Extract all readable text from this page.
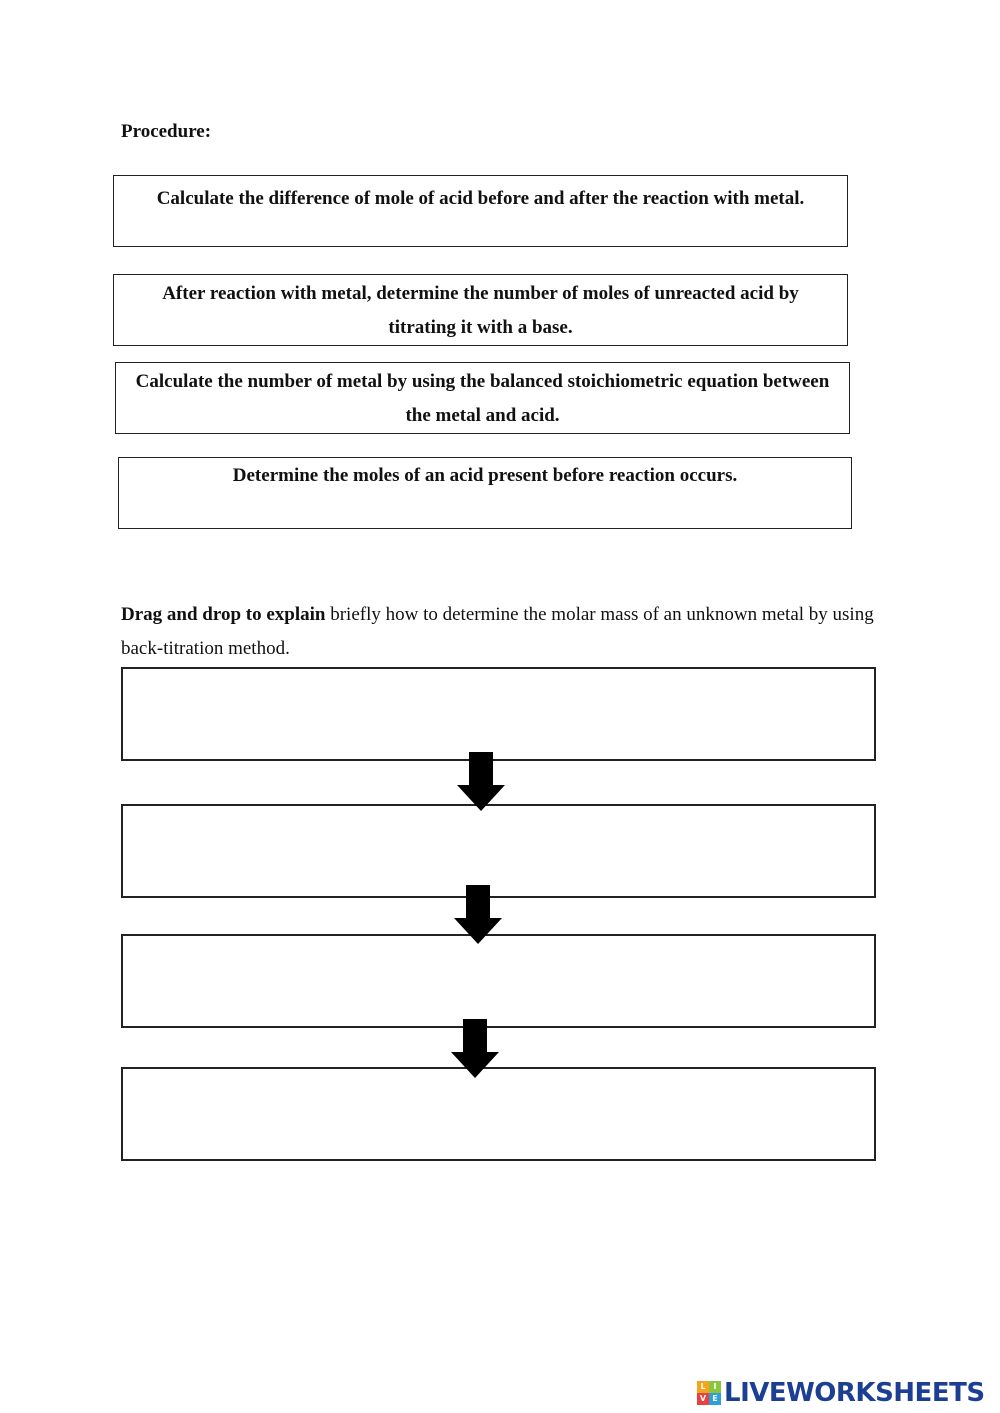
Procedure:
Calculate the difference of mole of acid before and after the reaction with metal.
After reaction with metal, determine the number of moles of unreacted acid by titrating it with a base.
Calculate the number of metal by using the balanced stoichiometric equation between the metal and acid.
Determine the moles of an acid present before reaction occurs.
Drag and drop to explain briefly how to determine the molar mass of an unknown metal by using back-titration method.
L I
V E LIVEWORKSHEETS
